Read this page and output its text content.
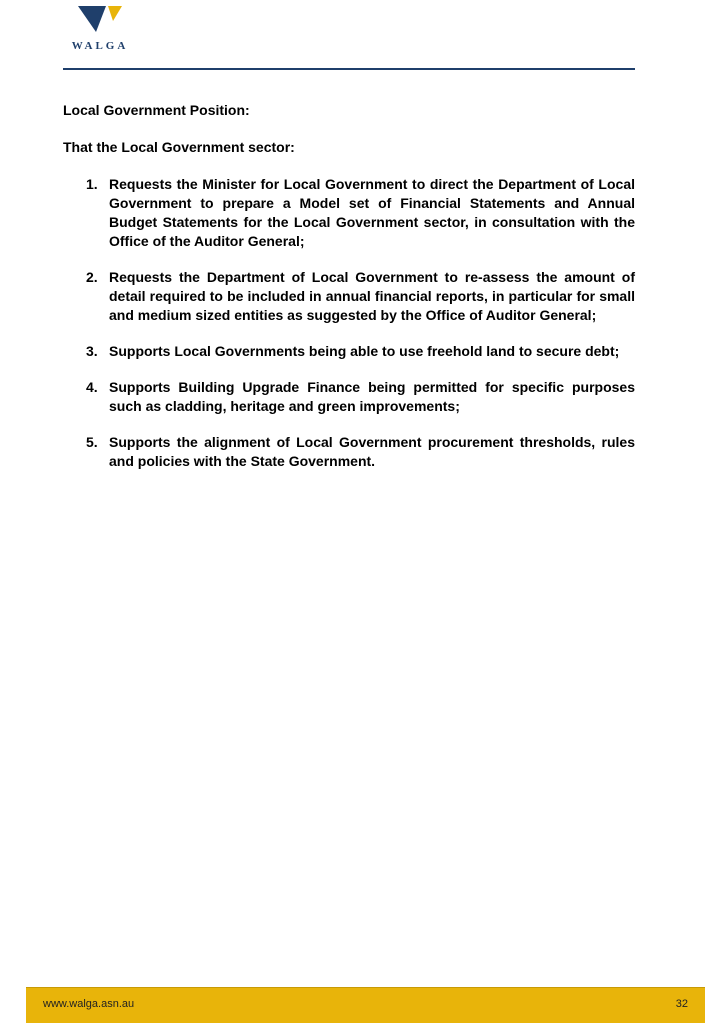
WALGA

Local Government Position:

That the Local Government sector:

1. Requests the Minister for Local Government to direct the Department of Local Government to prepare a Model set of Financial Statements and Annual Budget Statements for the Local Government sector, in consultation with the Office of the Auditor General;
2. Requests the Department of Local Government to re-assess the amount of detail required to be included in annual financial reports, in particular for small and medium sized entities as suggested by the Office of Auditor General;
3. Supports Local Governments being able to use freehold land to secure debt;
4. Supports Building Upgrade Finance being permitted for specific purposes such as cladding, heritage and green improvements;
5. Supports the alignment of Local Government procurement thresholds, rules and policies with the State Government.
www.walga.asn.au	32
